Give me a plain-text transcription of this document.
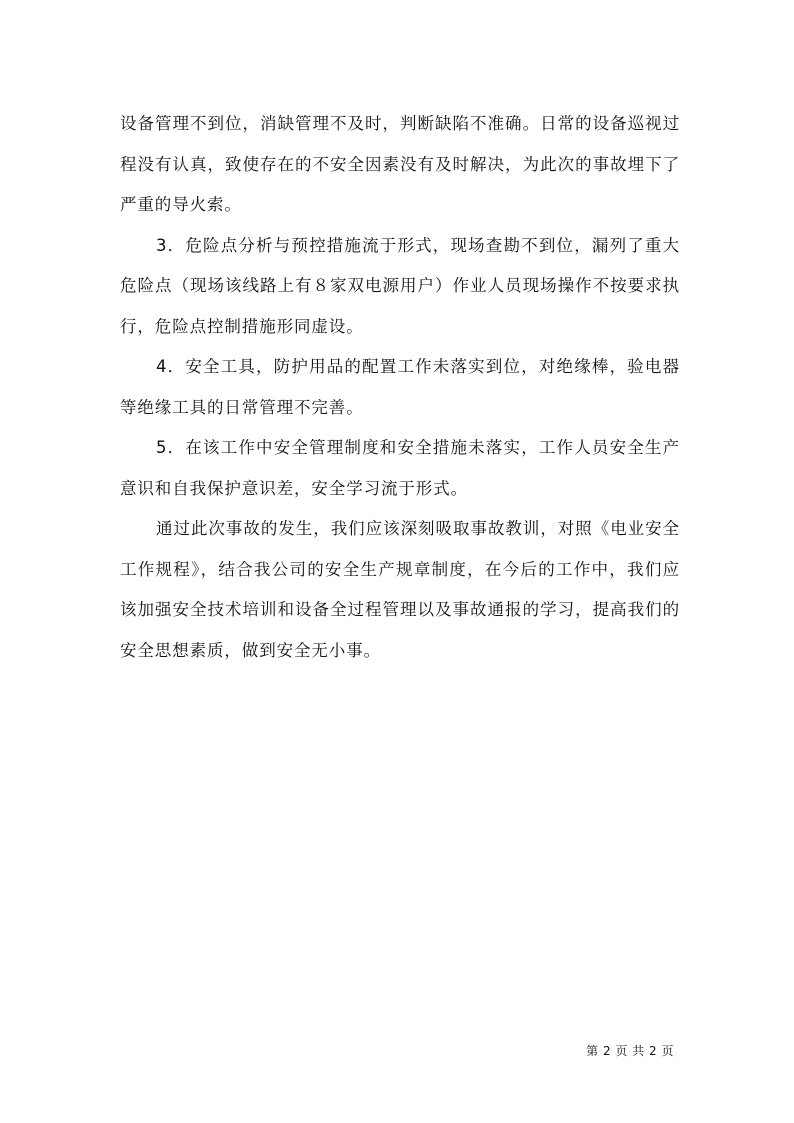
设备管理不到位，消缺管理不及时，判断缺陷不准确。日常的设备巡视过程没有认真，致使存在的不安全因素没有及时解决，为此次的事故埋下了严重的导火索。

3．危险点分析与预控措施流于形式，现场查勘不到位，漏列了重大危险点（现场该线路上有８家双电源用户）作业人员现场操作不按要求执行，危险点控制措施形同虚设。

4．安全工具，防护用品的配置工作未落实到位，对绝缘棒，验电器等绝缘工具的日常管理不完善。

5．在该工作中安全管理制度和安全措施未落实，工作人员安全生产意识和自我保护意识差，安全学习流于形式。

通过此次事故的发生，我们应该深刻吸取事故教训，对照《电业安全工作规程》，结合我公司的安全生产规章制度，在今后的工作中，我们应该加强安全技术培训和设备全过程管理以及事故通报的学习，提高我们的安全思想素质，做到安全无小事。

第 2 页 共 2 页
